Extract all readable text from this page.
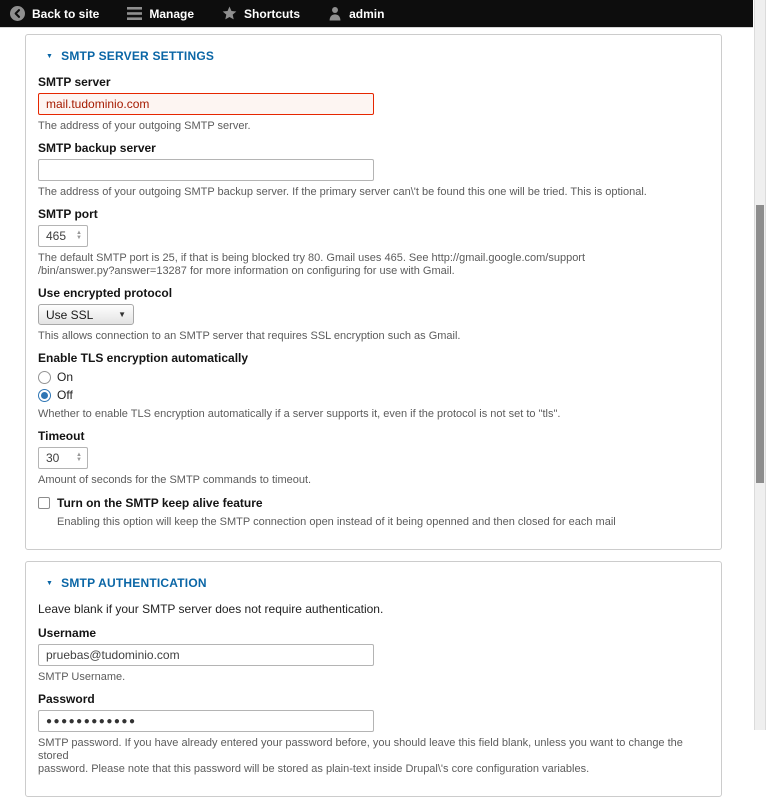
Back to site	Manage	Shortcuts	admin
▼ SMTP SERVER SETTINGS
SMTP server
mail.tudominio.com
The address of your outgoing SMTP server.
SMTP backup server
The address of your outgoing SMTP backup server. If the primary server can\'t be found this one will be tried. This is optional.
SMTP port
465
▲
▼
The default SMTP port is 25, if that is being blocked try 80. Gmail uses 465. See http://gmail.google.com/support
/bin/answer.py?answer=13287 for more information on configuring for use with Gmail.
Use encrypted protocol
Use SSL	▼
This allows connection to an SMTP server that requires SSL encryption such as Gmail.
Enable TLS encryption automatically
On
Off
Whether to enable TLS encryption automatically if a server supports it, even if the protocol is not set to "tls".
Timeout
30
▲
▼
Amount of seconds for the SMTP commands to timeout.
Turn on the SMTP keep alive feature
Enabling this option will keep the SMTP connection open instead of it being openned and then closed for each mail
▼ SMTP AUTHENTICATION
Leave blank if your SMTP server does not require authentication.
Username
pruebas@tudominio.com
SMTP Username.
Password
●●●●●●●●●●●●
SMTP password. If you have already entered your password before, you should leave this field blank, unless you want to change the stored
password. Please note that this password will be stored as plain-text inside Drupal\'s core configuration variables.
